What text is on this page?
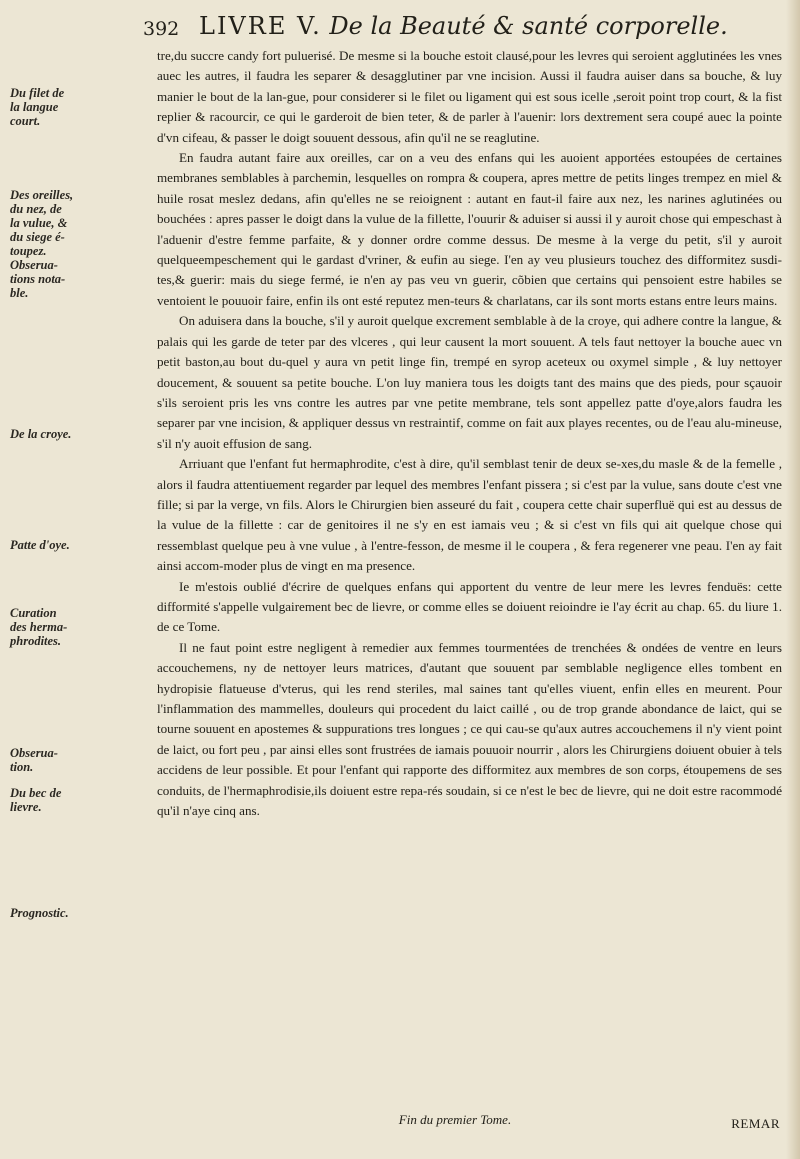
392 LIVRE V. De la Beauté & santé corporelle.
Du filet de la langue court.
Des oreilles, du nez, de la vulue, & du siege é-toupez. Obserua-tions nota-ble.
De la croye.
Patte d'oye.
Curation des herma-phrodites.
Obserua-tion.
Du bec de lievre.
Prognostic.

tre,du succre candy fort puluerisé. De mesme si la bouche estoit clausé,pour les levres qui seroient agglutinées les vnes auec les autres, il faudra les separer & desagglutiner par vne incision. Aussi il faudra auiser dans sa bouche, & luy manier le bout de la lan-gue, pour considerer si le filet ou ligament qui est sous icelle ,seroit point trop court, & la fist replier & racourcir, ce qui le garderoit de bien teter, & de parler à l'auenir: lors dextrement sera coupé auec la pointe d'vn cifeau, & passer le doigt souuent dessous, afin qu'il ne se reaglutine.

En faudra autant faire aux oreilles, car on a veu des enfans qui les auoient apportées estoupées de certaines membranes semblables à parchemin, lesquelles on rompra & coupera, apres mettre de petits linges trempez en miel & huile rosat meslez dedans, afin qu'elles ne se reioignent : autant en faut-il faire aux nez, les narines aglutinées ou bouchées : apres passer le doigt dans la vulue de la fillette, l'ouurir & aduiser si aussi il y auroit chose qui empeschast à l'aduenir d'estre femme parfaite, & y donner ordre comme dessus. De mesme à la verge du petit, s'il y auroit quelqueempeschement qui le gardast d'vriner, & eufin au siege. I'en ay veu plusieurs touchez des difformitez susdi-tes,& guerir: mais du siege fermé, ie n'en ay pas veu vn guerir, cõbien que certains qui pensoient estre habiles se ventoient le pouuoir faire, enfin ils ont esté reputez men-teurs & charlatans, car ils sont morts estans entre leurs mains.

On aduisera dans la bouche, s'il y auroit quelque excrement semblable à de la croye, qui adhere contre la langue, & palais qui les garde de teter par des vlceres , qui leur causent la mort souuent. A tels faut nettoyer la bouche auec vn petit baston,au bout du-quel y aura vn petit linge fin, trempé en syrop aceteux ou oxymel simple , & luy nettoyer doucement, & souuent sa petite bouche. L'on luy maniera tous les doigts tant des mains que des pieds, pour sçauoir s'ils seroient pris les vns contre les autres par vne petite membrane, tels sont appellez patte d'oye,alors faudra les separer par vne incision, & appliquer dessus vn restraintif, comme on fait aux playes recentes, ou de l'eau alu-mineuse, s'il n'y auoit effusion de sang.

Arriuant que l'enfant fut hermaphrodite, c'est à dire, qu'il semblast tenir de deux se-xes,du masle & de la femelle , alors il faudra attentiuement regarder par lequel des membres l'enfant pissera ; si c'est par la vulue, sans doute c'est vne fille; si par la verge, vn fils. Alors le Chirurgien bien asseuré du fait , coupera cette chair superfluë qui est au dessus de la vulue de la fillette : car de genitoires il ne s'y en est iamais veu ; & si c'est vn fils qui ait quelque chose qui ressemblast quelque peu à vne vulue , à l'entre-fesson, de mesme il le coupera , & fera regenerer vne peau. I'en ay fait ainsi accom-moder plus de vingt en ma presence.

Ie m'estois oublié d'écrire de quelques enfans qui apportent du ventre de leur mere les levres fenduës: cette difformité s'appelle vulgairement bec de lievre, or comme elles se doiuent reioindre ie l'ay écrit au chap. 65. du liure 1. de ce Tome.

Il ne faut point estre negligent à remedier aux femmes tourmentées de trenchées & ondées de ventre en leurs accouchemens, ny de nettoyer leurs matrices, d'autant que souuent par semblable negligence elles tombent en hydropisie flatueuse d'vterus, qui les rend steriles, mal saines tant qu'elles viuent, enfin elles en meurent. Pour l'inflammation des mammelles, douleurs qui procedent du laict caillé , ou de trop grande abondance de laict, qui se tourne souuent en apostemes & suppurations tres longues ; ce qui cau-se qu'aux autres accouchemens il n'y vient point de laict, ou fort peu , par ainsi elles sont frustrées de iamais pouuoir nourrir , alors les Chirurgiens doiuent obuier à tels accidens de leur possible. Et pour l'enfant qui rapporte des difformitez aux membres de son corps, étoupemens de ses conduits, de l'hermaphrodisie,ils doiuent estre repa-rés soudain, si ce n'est le bec de lievre, qui ne doit estre racommodé qu'il n'aye cinq ans.

Fin du premier Tome.	REMAR
